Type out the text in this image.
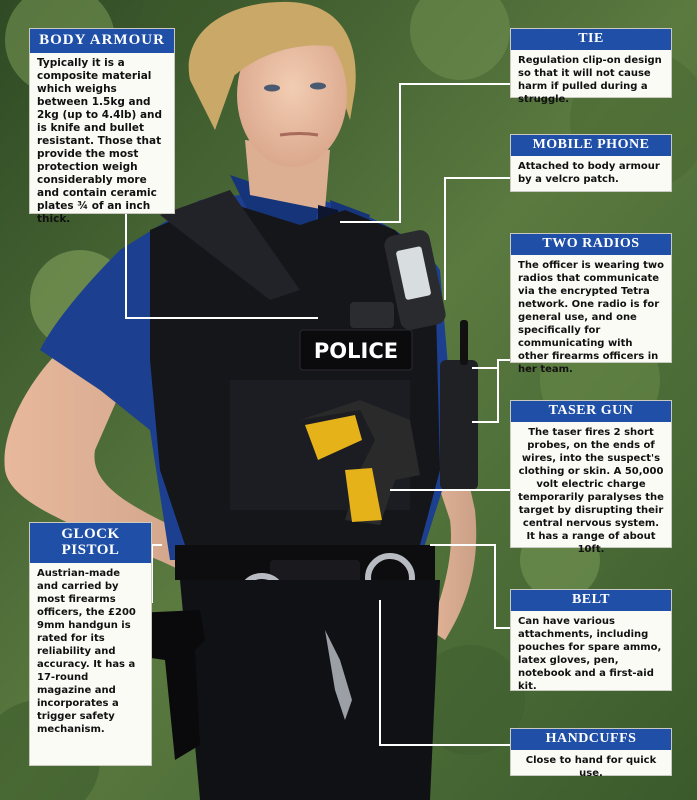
POLICE
BODY ARMOUR
Typically it is a composite material which weighs between 1.5kg and 2kg (up to 4.4lb) and is knife and bullet resistant. Those that provide the most protection weigh considerably more and contain ceramic plates ¾ of an inch thick.
TIE
Regulation clip-on design so that it will not cause harm if pulled during a struggle.
MOBILE PHONE
Attached to body armour by a velcro patch.
TWO RADIOS
The officer is wearing two radios that communicate via the encrypted Tetra network. One radio is for general use, and one specifically for communicating with other firearms officers in her team.
TASER GUN
The taser fires 2 short probes, on the ends of wires, into the suspect's clothing or skin. A 50,000 volt electric charge temporarily paralyses the target by disrupting their central nervous system. It has a range of about 10ft.
GLOCK PISTOL
Austrian-made and carried by most firearms officers, the £200 9mm handgun is rated for its reliability and accuracy. It has a 17-round magazine and incorporates a trigger safety mechanism.
BELT
Can have various attachments, including pouches for spare ammo, latex gloves, pen, notebook and a first-aid kit.
HANDCUFFS
Close to hand for quick use.
